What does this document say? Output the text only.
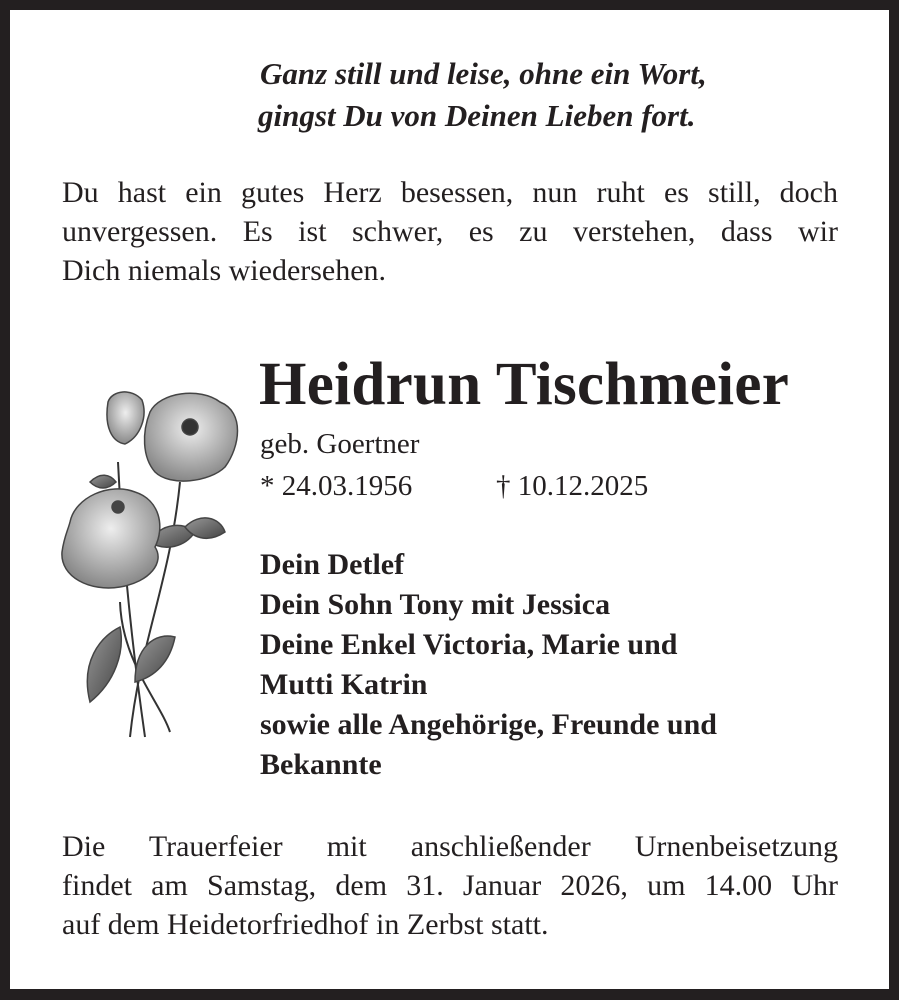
Ganz still und leise, ohne ein Wort,
gingst Du von Deinen Lieben fort.
Du hast ein gutes Herz besessen, nun ruht es still, doch
unvergessen. Es ist schwer, es zu verstehen, dass wir
Dich niemals wiedersehen.
Heidrun Tischmeier
geb. Goertner
* 24.03.1956	† 10.12.2025
Dein Detlef
Dein Sohn Tony mit Jessica
Deine Enkel Victoria, Marie und
Mutti Katrin
sowie alle Angehörige, Freunde und
Bekannte
Die Trauerfeier mit anschließender Urnenbeisetzung
findet am Samstag, dem 31. Januar 2026, um 14.00 Uhr
auf dem Heidetorfriedhof in Zerbst statt.
